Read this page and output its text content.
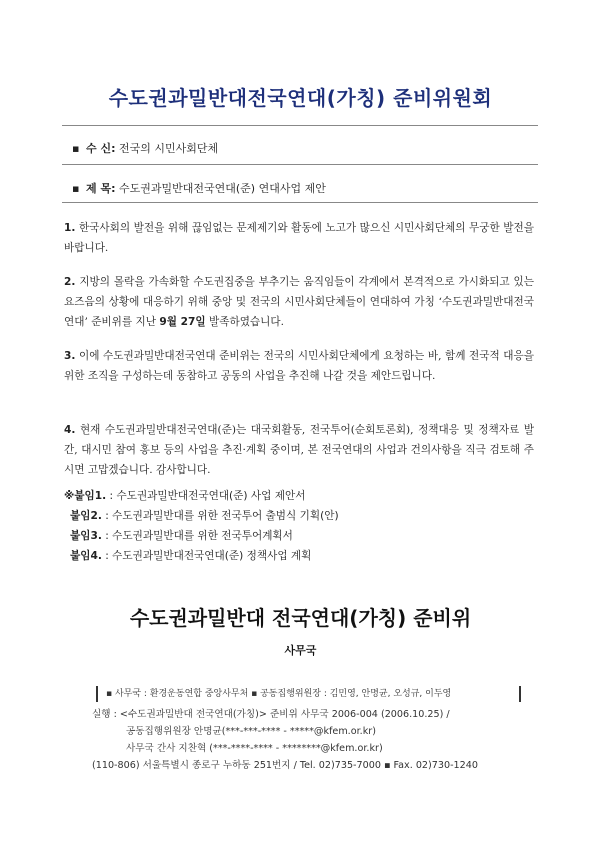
수도권과밀반대전국연대(가칭) 준비위원회
▪ 수 신: 전국의 시민사회단체
▪ 제 목: 수도권과밀반대전국연대(준) 연대사업 제안
1. 한국사회의 발전을 위해 끊임없는 문제제기와 활동에 노고가 많으신 시민사회단체의 무궁한 발전을 바랍니다.
2. 지방의 몰락을 가속화할 수도권집중을 부추기는 움직임들이 각계에서 본격적으로 가시화되고 있는 요즈음의 상황에 대응하기 위해 중앙 및 전국의 시민사회단체들이 연대하여 가칭 ‘수도권과밀반대전국연대’ 준비위를 지난 9월 27일 발족하였습니다.
3. 이에 수도권과밀반대전국연대 준비위는 전국의 시민사회단체에게 요청하는 바, 함께 전국적 대응을 위한 조직을 구성하는데 동참하고 공동의 사업을 추진해 나갈 것을 제안드립니다.
4. 현재 수도권과밀반대전국연대(준)는 대국회활동, 전국투어(순회토론회), 정책대응 및 정책자료 발간, 대시민 참여 홍보 등의 사업을 추진·계획 중이며, 본 전국연대의 사업과 건의사항을 직극 검토해 주시면 고맙겠습니다. 감사합니다.
※붙임1. : 수도권과밀반대전국연대(준) 사업 제안서
붙임2. : 수도권과밀반대를 위한 전국투어 출범식 기획(안)
붙임3. : 수도권과밀반대를 위한 전국투어계획서
붙임4. : 수도권과밀반대전국연대(준) 정책사업 계획
수도권과밀반대 전국연대(가칭) 준비위
사무국
▪ 사무국 : 환경운동연합 중앙사무처 ▪ 공동집행위원장 : 김민영, 안명균, 오성규, 이두영
실행 : <수도권과밀반대 전국연대(가칭)> 준비위 사무국 2006-004 (2006.10.25) /
공동집행위원장 안명균(***-***-**** - *****@kfem.or.kr)
사무국 간사 지찬혁 (***-****-**** - ********@kfem.or.kr)
(110-806) 서울특별시 종로구 누하동 251번지 / Tel. 02)735-7000 ▪ Fax. 02)730-1240
